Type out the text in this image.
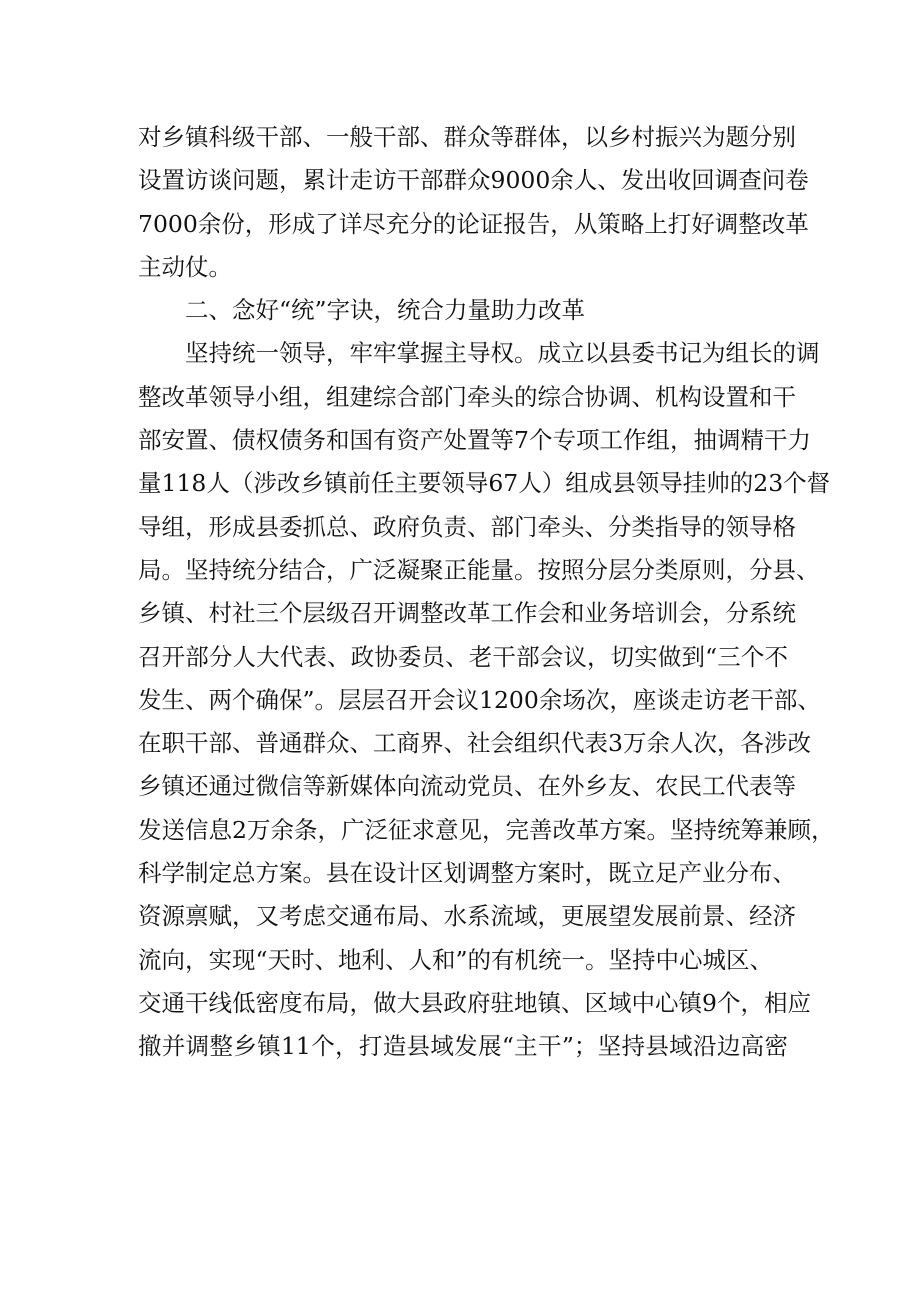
对乡镇科级干部、一般干部、群众等群体，以乡村振兴为题分别
设置访谈问题，累计走访干部群众9000余人、发出收回调查问卷
7000余份，形成了详尽充分的论证报告，从策略上打好调整改革
主动仗。
　　二、念好“统”字诀，统合力量助力改革
　　坚持统一领导，牢牢掌握主导权。成立以县委书记为组长的调
整改革领导小组，组建综合部门牵头的综合协调、机构设置和干
部安置、债权债务和国有资产处置等7个专项工作组，抽调精干力
量118人（涉改乡镇前任主要领导67人）组成县领导挂帅的23个督
导组，形成县委抓总、政府负责、部门牵头、分类指导的领导格
局。坚持统分结合，广泛凝聚正能量。按照分层分类原则，分县、
乡镇、村社三个层级召开调整改革工作会和业务培训会，分系统
召开部分人大代表、政协委员、老干部会议，切实做到“三个不
发生、两个确保”。层层召开会议1200余场次，座谈走访老干部、
在职干部、普通群众、工商界、社会组织代表3万余人次，各涉改
乡镇还通过微信等新媒体向流动党员、在外乡友、农民工代表等
发送信息2万余条，广泛征求意见，完善改革方案。坚持统筹兼顾，
科学制定总方案。县在设计区划调整方案时，既立足产业分布、
资源禀赋，又考虑交通布局、水系流域，更展望发展前景、经济
流向，实现“天时、地利、人和”的有机统一。坚持中心城区、
交通干线低密度布局，做大县政府驻地镇、区域中心镇9个，相应
撤并调整乡镇11个，打造县域发展“主干”；坚持县域沿边高密
